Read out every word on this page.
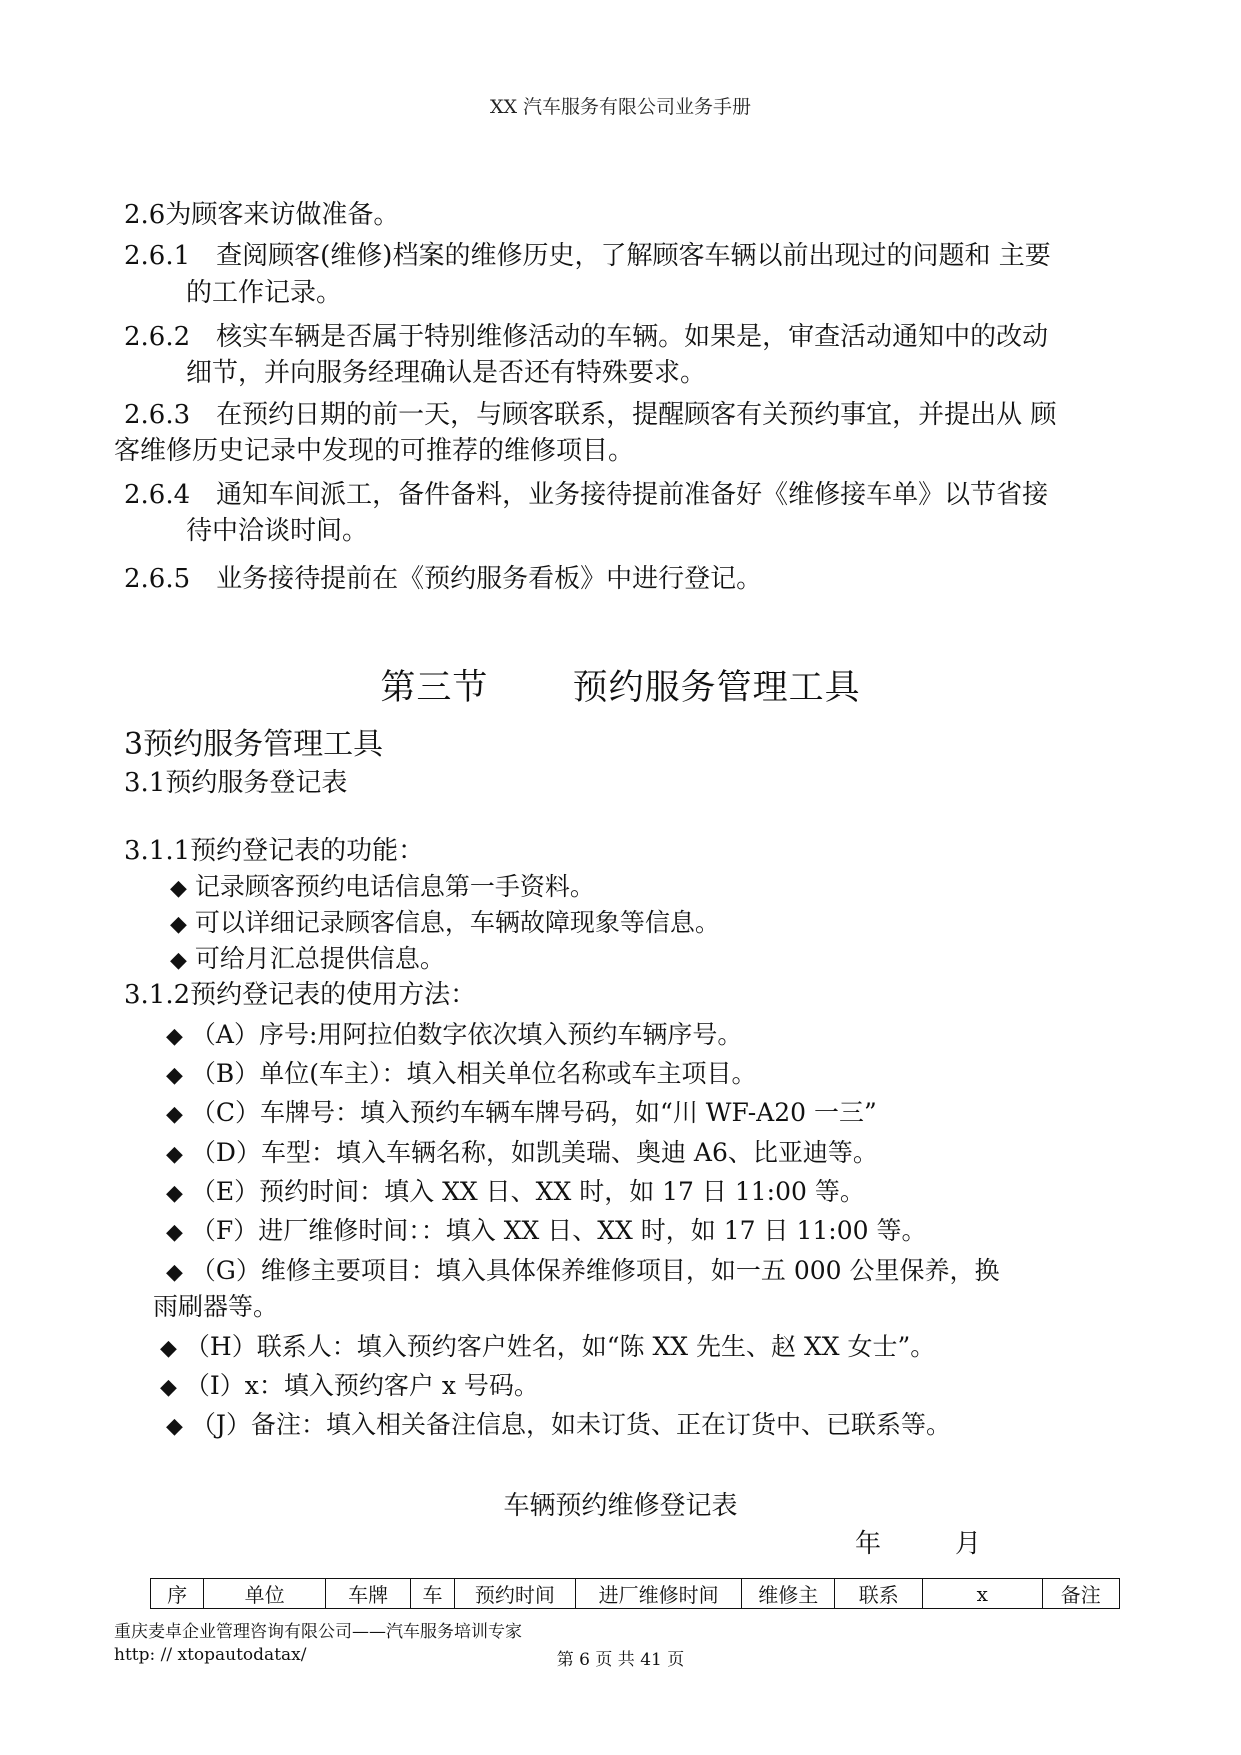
XX 汽车服务有限公司业务手册
2.6为顾客来访做准备。
2.6.1　查阅顾客(维修)档案的维修历史，了解顾客车辆以前出现过的问题和 主要
的工作记录。
2.6.2　核实车辆是否属于特别维修活动的车辆。如果是，审查活动通知中的改动
细节，并向服务经理确认是否还有特殊要求。
2.6.3　在预约日期的前一天，与顾客联系，提醒顾客有关预约事宜，并提出从 顾
客维修历史记录中发现的可推荐的维修项目。
2.6.4　通知车间派工，备件备料，业务接待提前准备好《维修接车单》以节省接
待中洽谈时间。
2.6.5　业务接待提前在《预约服务看板》中进行登记。
第三节 预约服务管理工具
3预约服务管理工具
3.1预约服务登记表
3.1.1预约登记表的功能：
◆ 记录顾客预约电话信息第一手资料。
◆ 可以详细记录顾客信息，车辆故障现象等信息。
◆ 可给月汇总提供信息。
3.1.2预约登记表的使用方法：
◆ （A）序号:用阿拉伯数字依次填入预约车辆序号。
◆ （B）单位(车主）：填入相关单位名称或车主项目。
◆ （C）车牌号：填入预约车辆车牌号码，如“川 WF-A20 一三”
◆ （D）车型：填入车辆名称，如凯美瑞、奥迪 A6、比亚迪等。
◆ （E）预约时间：填入 XX 日、XX 时，如 17 日 11:00 等。
◆ （F）进厂维修时间：：填入 XX 日、XX 时，如 17 日 11:00 等。
◆ （G）维修主要项目：填入具体保养维修项目，如一五 000 公里保养，换
雨刷器等。
◆ （H）联系人：填入预约客户姓名，如“陈 XX 先生、赵 XX 女士”。
◆ （I）x：填入预约客户 x 号码。
◆ （J）备注：填入相关备注信息，如未订货、正在订货中、已联系等。
车辆预约维修登记表
年	月
序	单位	车牌	车	预约时间	进厂维修时间	维修主	联系	x	备注
重庆麦卓企业管理咨询有限公司——汽车服务培训专家
http: // xtopautodatax/	第 6 页 共 41 页
